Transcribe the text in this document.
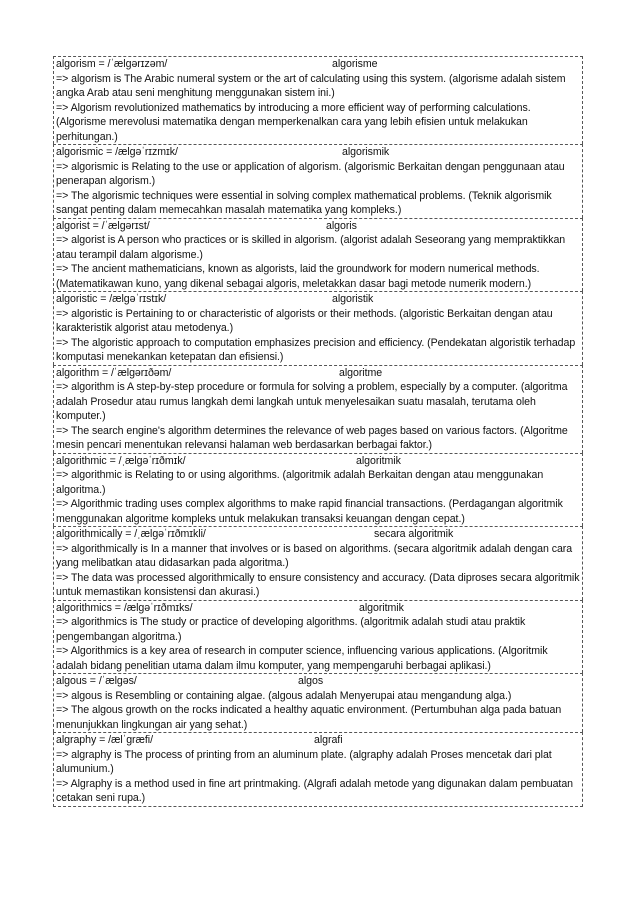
algorism = /ˈælɡərɪzəm/	algorisme
=> algorism is The Arabic numeral system or the art of calculating using this system. (algorisme adalah sistem angka Arab atau seni menghitung menggunakan sistem ini.)
=> Algorism revolutionized mathematics by introducing a more efficient way of performing calculations. (Algorisme merevolusi matematika dengan memperkenalkan cara yang lebih efisien untuk melakukan perhitungan.)
algorismic = /ælɡəˈrɪzmɪk/	algorismik
=> algorismic is Relating to the use or application of algorism. (algorismic Berkaitan dengan penggunaan atau penerapan algorism.)
=> The algorismic techniques were essential in solving complex mathematical problems. (Teknik algorismik sangat penting dalam memecahkan masalah matematika yang kompleks.)
algorist = /ˈælɡərɪst/	algoris
=> algorist is A person who practices or is skilled in algorism. (algorist adalah Seseorang yang mempraktikkan atau terampil dalam algorisme.)
=> The ancient mathematicians, known as algorists, laid the groundwork for modern numerical methods. (Matematikawan kuno, yang dikenal sebagai algoris, meletakkan dasar bagi metode numerik modern.)
algoristic = /ælɡəˈrɪstɪk/	algoristik
=> algoristic is Pertaining to or characteristic of algorists or their methods. (algoristic Berkaitan dengan atau karakteristik algorist atau metodenya.)
=> The algoristic approach to computation emphasizes precision and efficiency. (Pendekatan algoristik terhadap komputasi menekankan ketepatan dan efisiensi.)
algorithm = /ˈælɡərɪðəm/	algoritme
=> algorithm is A step-by-step procedure or formula for solving a problem, especially by a computer. (algoritma adalah Prosedur atau rumus langkah demi langkah untuk menyelesaikan suatu masalah, terutama oleh komputer.)
=> The search engine's algorithm determines the relevance of web pages based on various factors. (Algoritme mesin pencari menentukan relevansi halaman web berdasarkan berbagai faktor.)
algorithmic = /ˌælɡəˈrɪðmɪk/	algoritmik
=> algorithmic is Relating to or using algorithms. (algoritmik adalah Berkaitan dengan atau menggunakan algoritma.)
=> Algorithmic trading uses complex algorithms to make rapid financial transactions. (Perdagangan algoritmik menggunakan algoritme kompleks untuk melakukan transaksi keuangan dengan cepat.)
algorithmically = /ˌælɡəˈrɪðmɪkli/	secara algoritmik
=> algorithmically is In a manner that involves or is based on algorithms. (secara algoritmik adalah dengan cara yang melibatkan atau didasarkan pada algoritma.)
=> The data was processed algorithmically to ensure consistency and accuracy. (Data diproses secara algoritmik untuk memastikan konsistensi dan akurasi.)
algorithmics = /ælɡəˈrɪðmɪks/	algoritmik
=> algorithmics is The study or practice of developing algorithms. (algoritmik adalah studi atau praktik pengembangan algoritma.)
=> Algorithmics is a key area of research in computer science, influencing various applications. (Algoritmik adalah bidang penelitian utama dalam ilmu komputer, yang mempengaruhi berbagai aplikasi.)
algous = /ˈælɡəs/	algos
=> algous is Resembling or containing algae. (algous adalah Menyerupai atau mengandung alga.)
=> The algous growth on the rocks indicated a healthy aquatic environment. (Pertumbuhan alga pada batuan menunjukkan lingkungan air yang sehat.)
algraphy = /ælˈɡræfi/	algrafi
=> algraphy is The process of printing from an aluminum plate. (algraphy adalah Proses mencetak dari plat alumunium.)
=> Algraphy is a method used in fine art printmaking. (Algrafi adalah metode yang digunakan dalam pembuatan cetakan seni rupa.)
